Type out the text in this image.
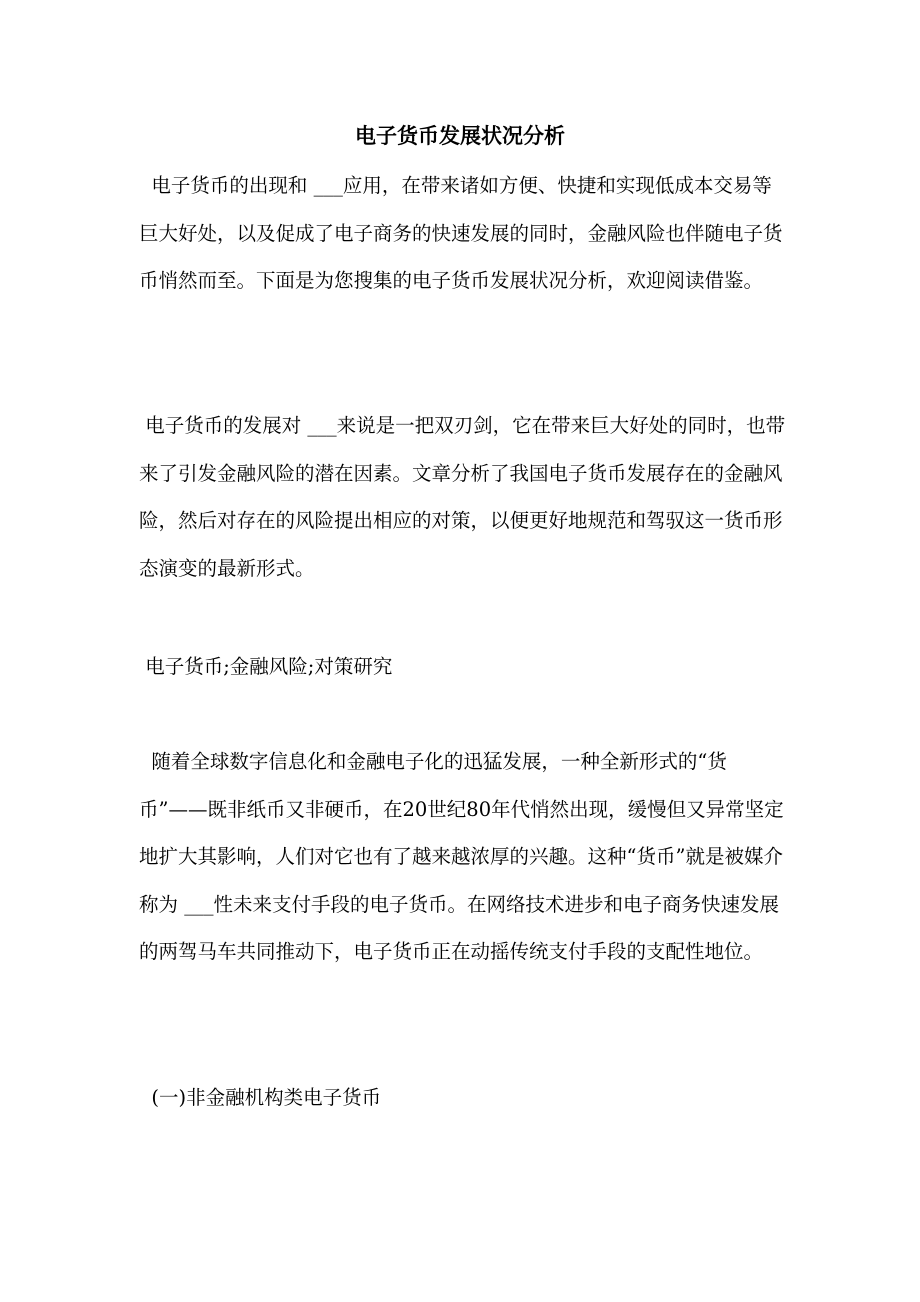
电子货币发展状况分析

电子货币的出现和 ___应用，在带来诸如方便、快捷和实现低成本交易等巨大好处，以及促成了电子商务的快速发展的同时，金融风险也伴随电子货币悄然而至。下面是为您搜集的电子货币发展状况分析，欢迎阅读借鉴。

电子货币的发展对 ___来说是一把双刃剑，它在带来巨大好处的同时，也带来了引发金融风险的潜在因素。文章分析了我国电子货币发展存在的金融风险，然后对存在的风险提出相应的对策，以便更好地规范和驾驭这一货币形态演变的最新形式。

电子货币;金融风险;对策研究

随着全球数字信息化和金融电子化的迅猛发展，一种全新形式的“货币”——既非纸币又非硬币，在20世纪80年代悄然出现，缓慢但又异常坚定地扩大其影响，人们对它也有了越来越浓厚的兴趣。这种“货币”就是被媒介称为 ___性未来支付手段的电子货币。在网络技术进步和电子商务快速发展的两驾马车共同推动下，电子货币正在动摇传统支付手段的支配性地位。

(一)非金融机构类电子货币
